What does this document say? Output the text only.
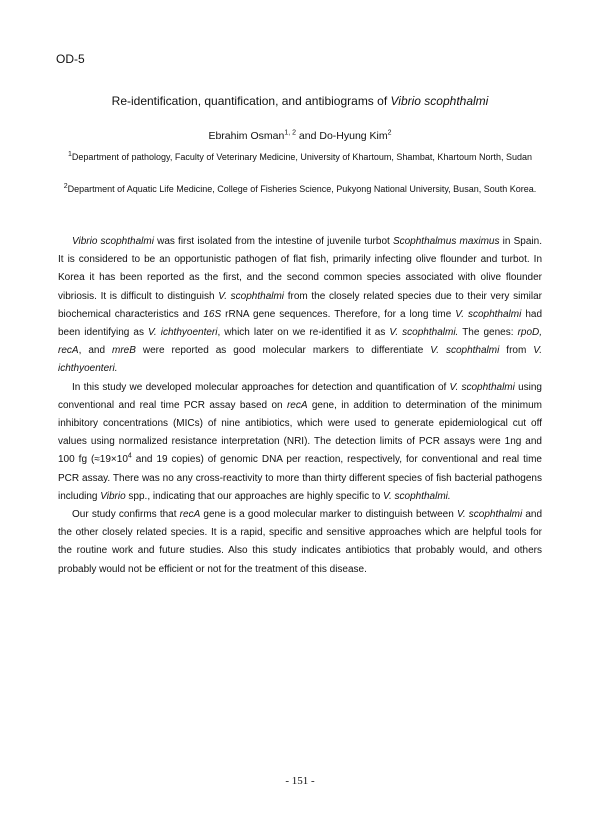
OD-5
Re-identification, quantification, and antibiograms of Vibrio scophthalmi
Ebrahim Osman$^{1, 2}$ and Do-Hyung Kim$^2$
$^1$Department of pathology, Faculty of Veterinary Medicine, University of Khartoum, Shambat, Khartoum North, Sudan
$^2$Department of Aquatic Life Medicine, College of Fisheries Science, Pukyong National University, Busan, South Korea.

Vibrio scophthalmi was first isolated from the intestine of juvenile turbot Scophthalmus maximus in Spain. It is considered to be an opportunistic pathogen of flat fish, primarily infecting olive flounder and turbot. In Korea it has been reported as the first, and the second common species associated with olive flounder vibriosis. It is difficult to distinguish V. scophthalmi from the closely related species due to their very similar biochemical characteristics and 16S rRNA gene sequences. Therefore, for a long time V. scophthalmi had been identifying as V. ichthyoenteri, which later on we re-identified it as V. scophthalmi. The genes: rpoD, recA, and mreB were reported as good molecular markers to differentiate V. scophthalmi from V. ichthyoenteri.

In this study we developed molecular approaches for detection and quantification of V. scophthalmi using conventional and real time PCR assay based on recA gene, in addition to determination of the minimum inhibitory concentrations (MICs) of nine antibiotics, which were used to generate epidemiological cut off values using normalized resistance interpretation (NRI). The detection limits of PCR assays were 1ng and 100 fg ($\approx 19\times 10^4$ and 19 copies) of genomic DNA per reaction, respectively, for conventional and real time PCR assay. There was no any cross-reactivity to more than thirty different species of fish bacterial pathogens including Vibrio spp., indicating that our approaches are highly specific to V. scophthalmi.

Our study confirms that recA gene is a good molecular marker to distinguish between V. scophthalmi and the other closely related species. It is a rapid, specific and sensitive approaches which are helpful tools for the routine work and future studies. Also this study indicates antibiotics that probably would, and others probably would not be efficient or not for the treatment of this disease.

- 151 -
